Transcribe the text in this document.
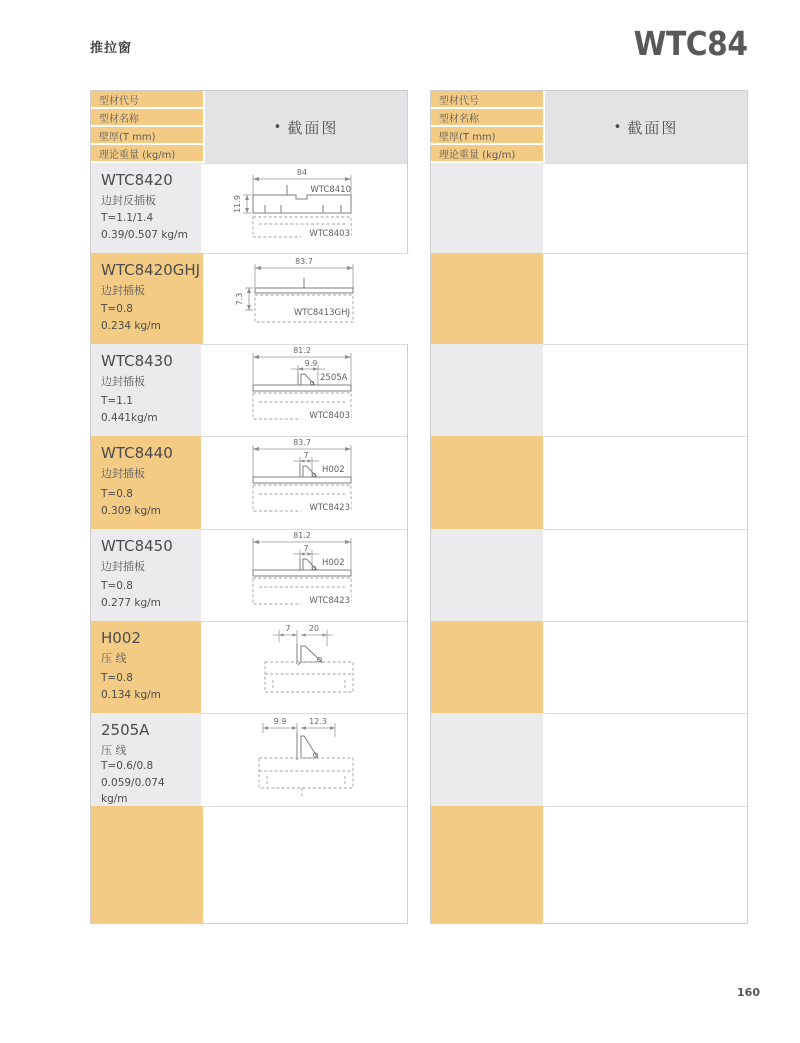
推拉窗	WTC84
型材代号
型材名称
壁厚(T mm)
理论重量 (kg/m)
• 截面图
WTC8420
边封反插板
T=1.1/1.4
0.39/0.507 kg/m
84
WTC8410
11.9
WTC8403
WTC8420GHJ
边封插板
T=0.8
0.234 kg/m
83.7
7.3
WTC8413GHJ
WTC8430
边封插板
T=1.1
0.441kg/m
81.2
9.9
2505A
WTC8403
WTC8440
边封插板
T=0.8
0.309 kg/m
83.7
7
H002
WTC8423
WTC8450
边封插板
T=0.8
0.277 kg/m
81.2
7
H002
WTC8423
H002
压 线
T=0.8
0.134 kg/m
7 20
2505A
压 线
T=0.6/0.8
0.059/0.074 kg/m
9.9	12.3
型材代号
型材名称
壁厚(T mm)
理论重量 (kg/m)
• 截面图
160
